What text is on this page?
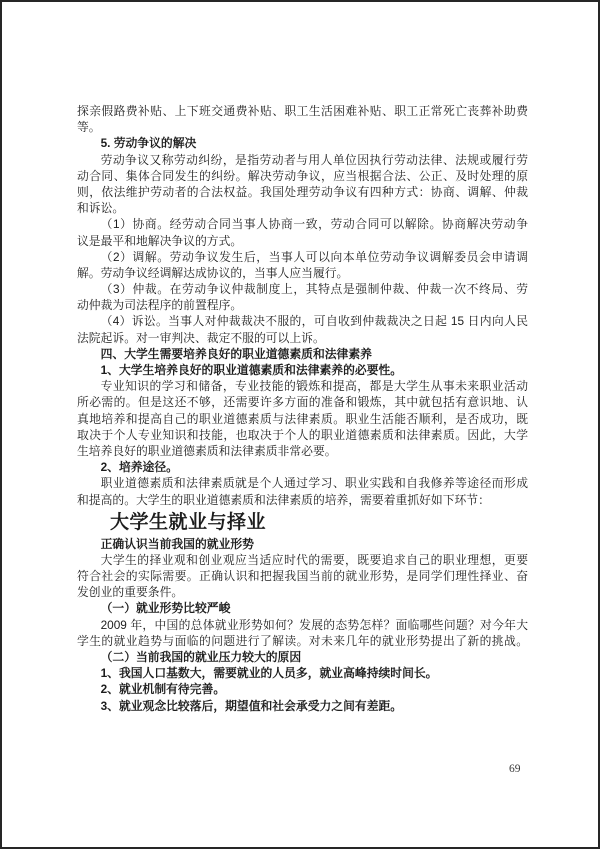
探亲假路费补贴、上下班交通费补贴、职工生活困难补贴、职工正常死亡丧葬补助费
等。
5. 劳动争议的解决
劳动争议又称劳动纠纷，是指劳动者与用人单位因执行劳动法律、法规或履行劳
动合同、集体合同发生的纠纷。解决劳动争议，应当根据合法、公正、及时处理的原
则，依法维护劳动者的合法权益。我国处理劳动争议有四种方式：协商、调解、仲裁
和诉讼。
（1）协商。经劳动合同当事人协商一致，劳动合同可以解除。协商解决劳动争
议是最平和地解决争议的方式。
（2）调解。劳动争议发生后，当事人可以向本单位劳动争议调解委员会申请调
解。劳动争议经调解达成协议的，当事人应当履行。
（3）仲裁。在劳动争议仲裁制度上，其特点是强制仲裁、仲裁一次不终局、劳
动仲裁为司法程序的前置程序。
（4）诉讼。当事人对仲裁裁决不服的，可自收到仲裁裁决之日起 15 日内向人民
法院起诉。对一审判决、裁定不服的可以上诉。
四、大学生需要培养良好的职业道德素质和法律素养
1、大学生培养良好的职业道德素质和法律素养的必要性。
专业知识的学习和储备，专业技能的锻炼和提高，都是大学生从事未来职业活动
所必需的。但是这还不够，还需要许多方面的准备和锻炼，其中就包括有意识地、认
真地培养和提高自己的职业道德素质与法律素质。职业生活能否顺利，是否成功，既
取决于个人专业知识和技能，也取决于个人的职业道德素质和法律素质。因此，大学
生培养良好的职业道德素质和法律素质非常必要。
2、培养途径。
职业道德素质和法律素质就是个人通过学习、职业实践和自我修养等途径而形成
和提高的。大学生的职业道德素质和法律素质的培养，需要着重抓好如下环节：
大学生就业与择业
正确认识当前我国的就业形势
大学生的择业观和创业观应当适应时代的需要，既要追求自己的职业理想，更要
符合社会的实际需要。正确认识和把握我国当前的就业形势，是同学们理性择业、奋
发创业的重要条件。
（一）就业形势比较严峻
2009 年，中国的总体就业形势如何？发展的态势怎样？面临哪些问题？对今年大
学生的就业趋势与面临的问题进行了解读。对未来几年的就业形势提出了新的挑战。
（二）当前我国的就业压力较大的原因
1、我国人口基数大，需要就业的人员多，就业高峰持续时间长。
2、就业机制有待完善。
3、就业观念比较落后，期望值和社会承受力之间有差距。
69
